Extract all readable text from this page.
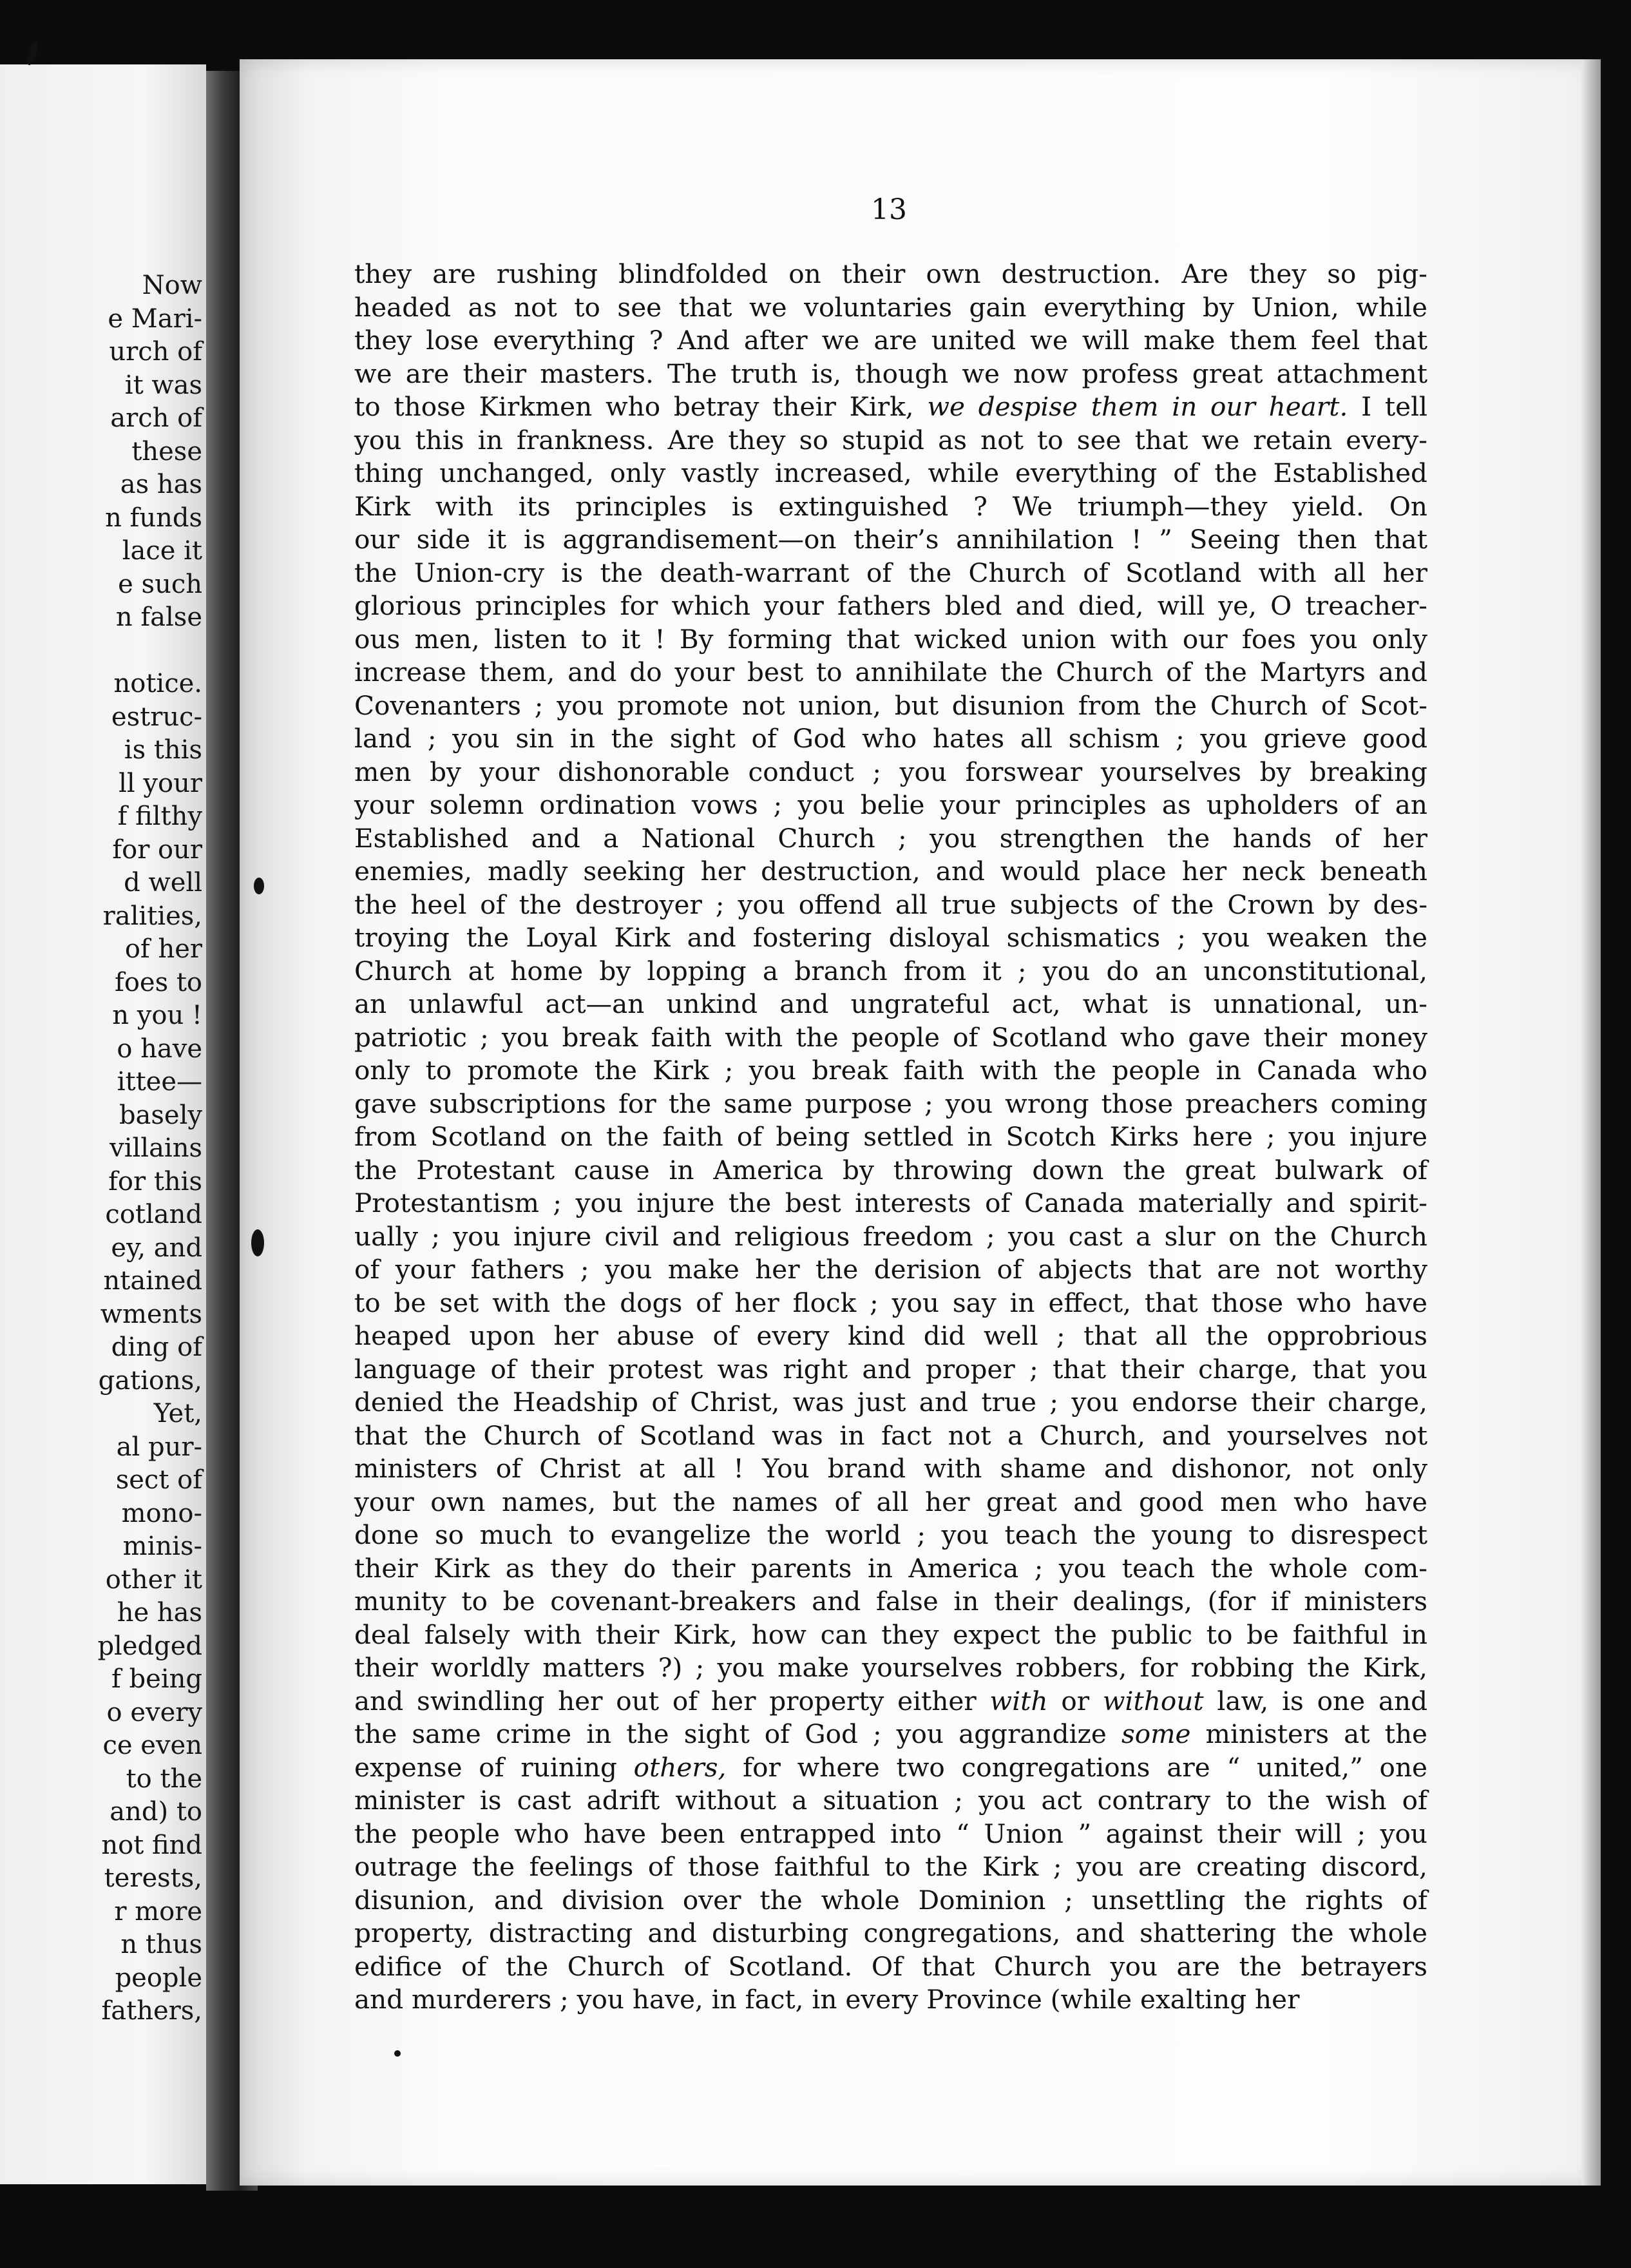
Now
e Mari-
urch of
it was
arch of
these
as has
n funds
lace it
e such
n false
notice.
estruc-
is this
ll your
f filthy
for our
d well
ralities,
of her
foes to
n you !
o have
ittee—
basely
villains
for this
cotland
ey, and
ntained
wments
ding of
gations,
Yet,
al pur-
sect of
mono-
minis-
other it
he has
pledged
f being
o every
ce even
to the
and) to
not find
terests,
r more
n thus
people
fathers,
13
they are rushing blindfolded on their own destruction. Are they so pig-
headed as not to see that we voluntaries gain everything by Union, while
they lose everything ? And after we are united we will make them feel that
we are their masters. The truth is, though we now profess great attachment
to those Kirkmen who betray their Kirk, we despise them in our heart. I tell
you this in frankness. Are they so stupid as not to see that we retain every-
thing unchanged, only vastly increased, while everything of the Established
Kirk with its principles is extinguished ? We triumph—they yield. On
our side it is aggrandisement—on their’s annihilation ! ” Seeing then that
the Union-cry is the death-warrant of the Church of Scotland with all her
glorious principles for which your fathers bled and died, will ye, O treacher-
ous men, listen to it ! By forming that wicked union with our foes you only
increase them, and do your best to annihilate the Church of the Martyrs and
Covenanters ; you promote not union, but disunion from the Church of Scot-
land ; you sin in the sight of God who hates all schism ; you grieve good
men by your dishonorable conduct ; you forswear yourselves by breaking
your solemn ordination vows ; you belie your principles as upholders of an
Established and a National Church ; you strengthen the hands of her
enemies, madly seeking her destruction, and would place her neck beneath
the heel of the destroyer ; you offend all true subjects of the Crown by des-
troying the Loyal Kirk and fostering disloyal schismatics ; you weaken the
Church at home by lopping a branch from it ; you do an unconstitutional,
an unlawful act—an unkind and ungrateful act, what is unnational, un-
patriotic ; you break faith with the people of Scotland who gave their money
only to promote the Kirk ; you break faith with the people in Canada who
gave subscriptions for the same purpose ; you wrong those preachers coming
from Scotland on the faith of being settled in Scotch Kirks here ; you injure
the Protestant cause in America by throwing down the great bulwark of
Protestantism ; you injure the best interests of Canada materially and spirit-
ually ; you injure civil and religious freedom ; you cast a slur on the Church
of your fathers ; you make her the derision of abjects that are not worthy
to be set with the dogs of her flock ; you say in effect, that those who have
heaped upon her abuse of every kind did well ; that all the opprobrious
language of their protest was right and proper ; that their charge, that you
denied the Headship of Christ, was just and true ; you endorse their charge,
that the Church of Scotland was in fact not a Church, and yourselves not
ministers of Christ at all ! You brand with shame and dishonor, not only
your own names, but the names of all her great and good men who have
done so much to evangelize the world ; you teach the young to disrespect
their Kirk as they do their parents in America ; you teach the whole com-
munity to be covenant-breakers and false in their dealings, (for if ministers
deal falsely with their Kirk, how can they expect the public to be faithful in
their worldly matters ?) ; you make yourselves robbers, for robbing the Kirk,
and swindling her out of her property either with or without law, is one and
the same crime in the sight of God ; you aggrandize some ministers at the
expense of ruining others, for where two congregations are “ united,” one
minister is cast adrift without a situation ; you act contrary to the wish of
the people who have been entrapped into “ Union ” against their will ; you
outrage the feelings of those faithful to the Kirk ; you are creating discord,
disunion, and division over the whole Dominion ; unsettling the rights of
property, distracting and disturbing congregations, and shattering the whole
edifice of the Church of Scotland. Of that Church you are the betrayers
and murderers ; you have, in fact, in every Province (while exalting her
